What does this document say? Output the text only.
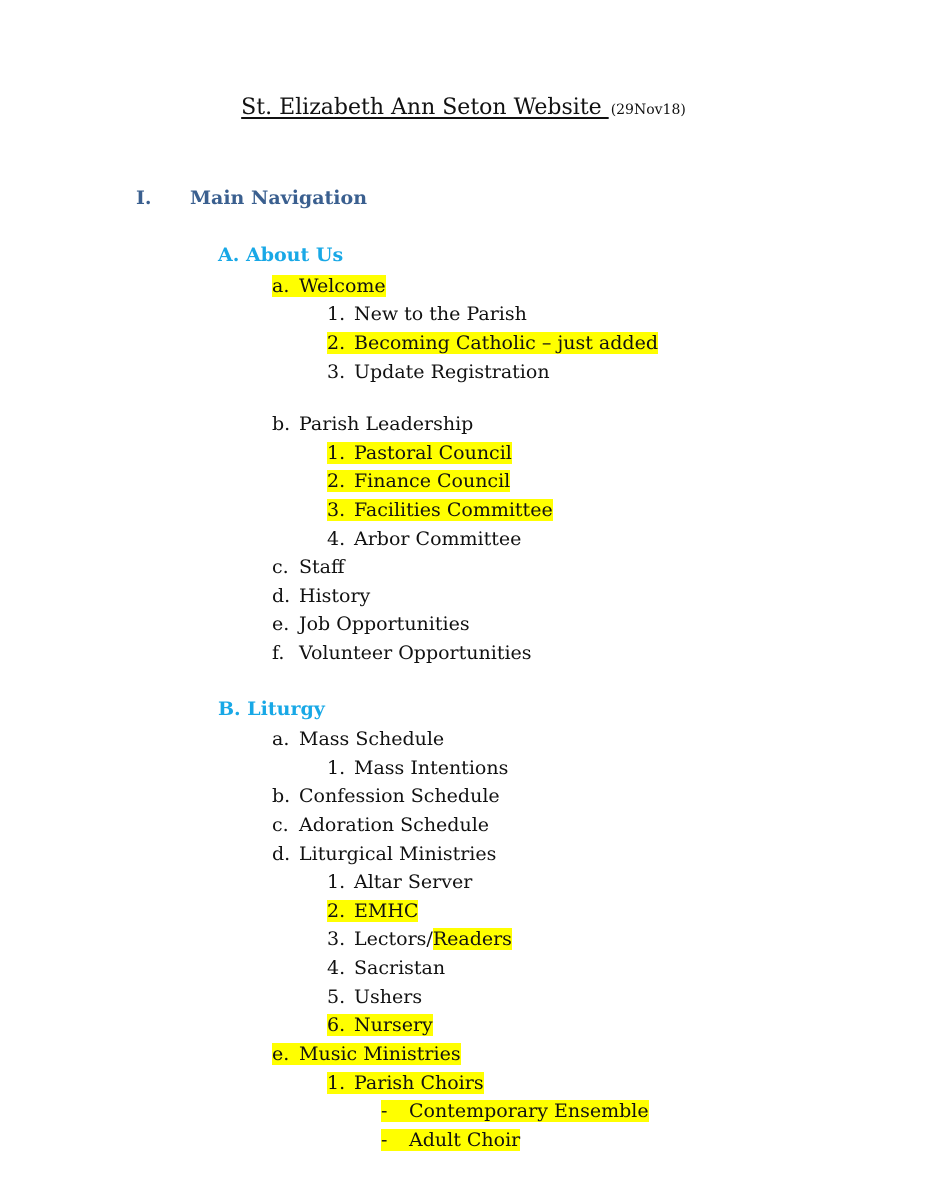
St. Elizabeth Ann Seton Website (29Nov18)
I. Main Navigation
A. About Us
a. Welcome
1. New to the Parish
2. Becoming Catholic – just added
3. Update Registration
b. Parish Leadership
1. Pastoral Council
2. Finance Council
3. Facilities Committee
4. Arbor Committee
c. Staff
d. History
e. Job Opportunities
f. Volunteer Opportunities
B. Liturgy
a. Mass Schedule
1. Mass Intentions
b. Confession Schedule
c. Adoration Schedule
d. Liturgical Ministries
1. Altar Server
2. EMHC
3. Lectors/Readers
4. Sacristan
5. Ushers
6. Nursery
e. Music Ministries
1. Parish Choirs
- Contemporary Ensemble
- Adult Choir
